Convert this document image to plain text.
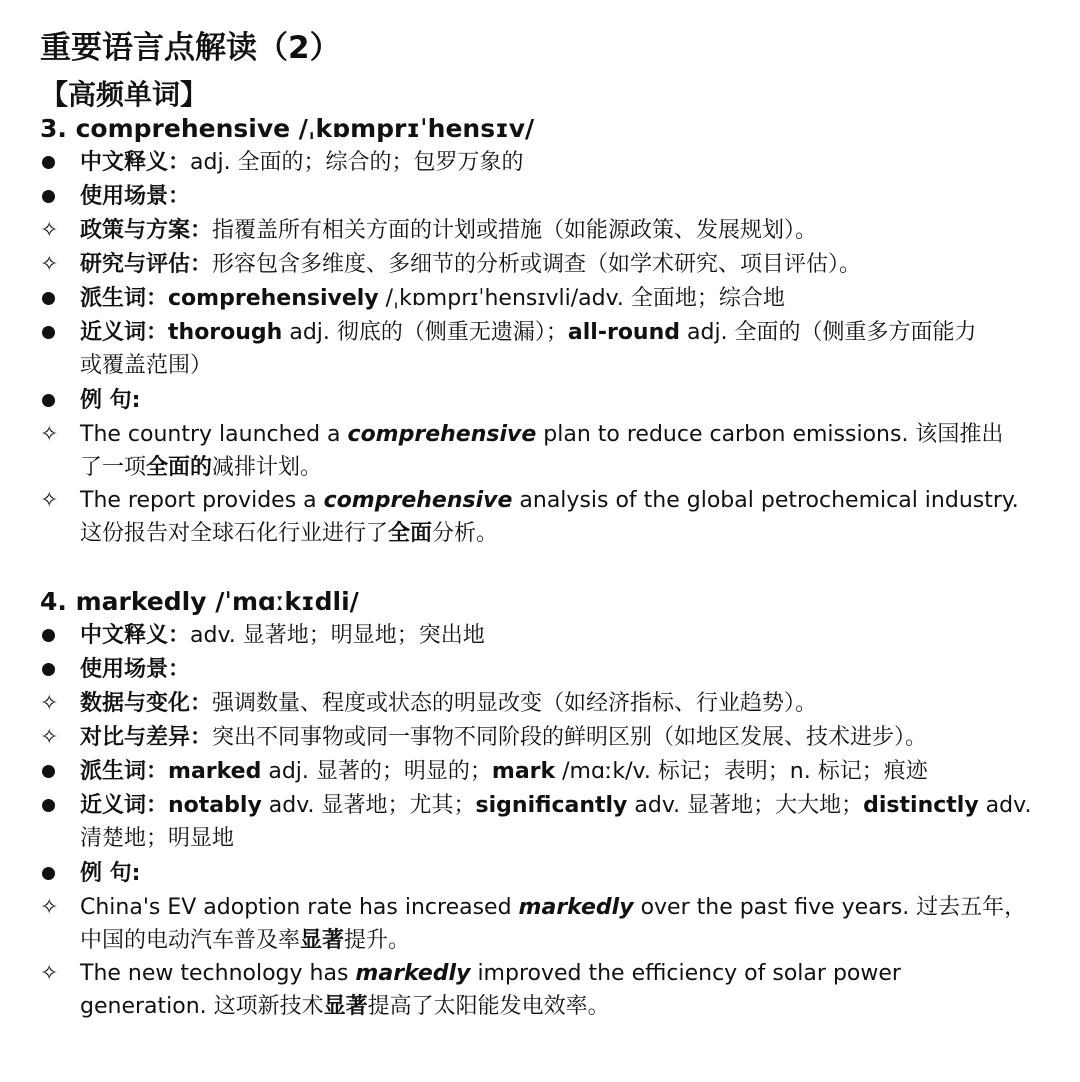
重要语言点解读（2）
【高频单词】
3. comprehensive /ˌkɒmprɪˈhensɪv/
中文释义：adj. 全面的；综合的；包罗万象的
使用场景：
✧ 政策与方案：指覆盖所有相关方面的计划或措施（如能源政策、发展规划）。
✧ 研究与评估：形容包含多维度、多细节的分析或调查（如学术研究、项目评估）。
派生词：comprehensively /ˌkɒmprɪˈhensɪvli/adv. 全面地；综合地
近义词：thorough adj. 彻底的（侧重无遗漏）；all-round adj. 全面的（侧重多方面能力
或覆盖范围）
例 句:
✧ The country launched a comprehensive plan to reduce carbon emissions. 该国推出
了一项全面的减排计划。
✧ The report provides a comprehensive analysis of the global petrochemical industry.
这份报告对全球石化行业进行了全面分析。
4. markedly /ˈmɑːkɪdli/
中文释义：adv. 显著地；明显地；突出地
使用场景：
✧ 数据与变化：强调数量、程度或状态的明显改变（如经济指标、行业趋势）。
✧ 对比与差异：突出不同事物或同一事物不同阶段的鲜明区别（如地区发展、技术进步）。
派生词：marked adj. 显著的；明显的；mark /mɑːk/v. 标记；表明；n. 标记；痕迹
近义词：notably adv. 显著地；尤其；significantly adv. 显著地；大大地；distinctly adv.
清楚地；明显地
例 句:
✧ China's EV adoption rate has increased markedly over the past five years. 过去五年，
中国的电动汽车普及率显著提升。
✧ The new technology has markedly improved the efficiency of solar power
generation. 这项新技术显著提高了太阳能发电效率。
